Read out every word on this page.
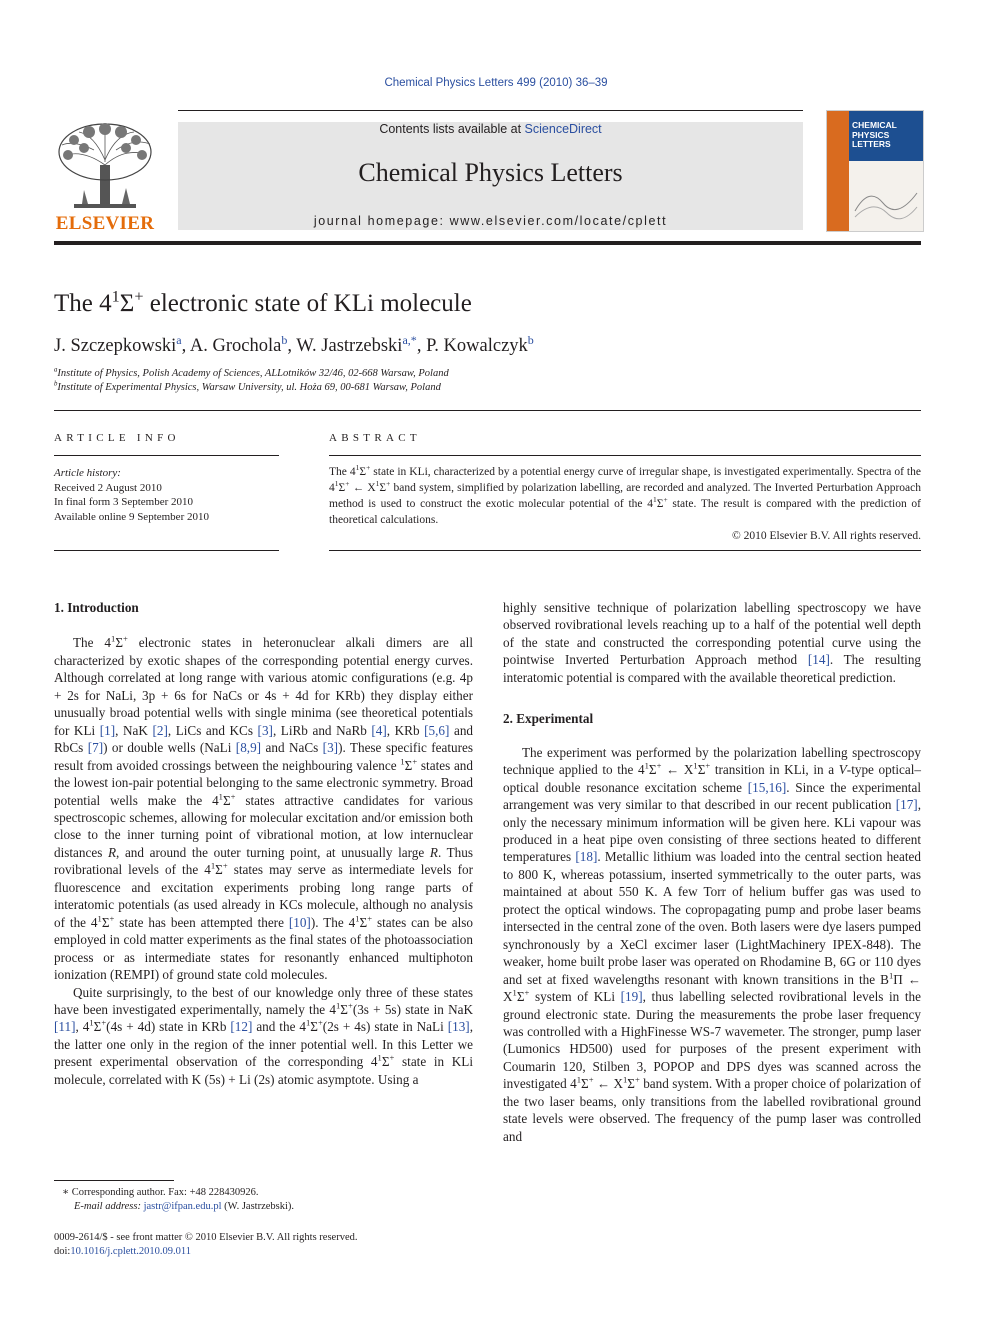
Chemical Physics Letters 499 (2010) 36–39
ELSEVIER
Contents lists available at ScienceDirect
Chemical Physics Letters
journal homepage: www.elsevier.com/locate/cplett
CHEMICAL
PHYSICS
LETTERS
The $4^1\Sigma^+$ electronic state of KLi molecule
J. Szczepkowski$^a$, A. Grochola$^b$, W. Jastrzebski$^{a,*}$, P. Kowalczyk$^b$
$^a$Institute of Physics, Polish Academy of Sciences, ALLotników 32/46, 02-668 Warsaw, Poland
$^b$Institute of Experimental Physics, Warsaw University, ul. Hoża 69, 00-681 Warsaw, Poland
ARTICLE INFO
Article history:
Received 2 August 2010
In final form 3 September 2010
Available online 9 September 2010
ABSTRACT
The $4^1\Sigma^+$ state in KLi, characterized by a potential energy curve of irregular shape, is investigated experimentally. Spectra of the $4^1\Sigma^+$ ← $X^1\Sigma^+$ band system, simplified by polarization labelling, are recorded and analyzed. The Inverted Perturbation Approach method is used to construct the exotic molecular potential of the $4^1\Sigma^+$ state. The result is compared with the prediction of theoretical calculations.
© 2010 Elsevier B.V. All rights reserved.
1. Introduction

The $4^1\Sigma^+$ electronic states in heteronuclear alkali dimers are all characterized by exotic shapes of the corresponding potential energy curves. Although correlated at long range with various atomic configurations (e.g. 4p + 2s for NaLi, 3p + 6s for NaCs or 4s + 4d for KRb) they display either unusually broad potential wells with single minima (see theoretical potentials for KLi [1], NaK [2], LiCs and KCs [3], LiRb and NaRb [4], KRb [5,6] and RbCs [7]) or double wells (NaLi [8,9] and NaCs [3]). These specific features result from avoided crossings between the neighbouring valence $^1$Σ+ states and the lowest ion-pair potential belonging to the same electronic symmetry. Broad potential wells make the $4^1\Sigma^+$ states attractive candidates for various spectroscopic schemes, allowing for molecular excitation and/or emission both close to the inner turning point of vibrational motion, at low internuclear distances R, and around the outer turning point, at unusually large R. Thus rovibrational levels of the $4^1\Sigma^+$ states may serve as intermediate levels for fluorescence and excitation experiments probing long range parts of interatomic potentials (as used already in KCs molecule, although no analysis of the $4^1\Sigma^+$ state has been attempted there [10]). The $4^1\Sigma^+$ states can be also employed in cold matter experiments as the final states of the photoassociation process or as intermediate states for resonantly enhanced multiphoton ionization (REMPI) of ground state cold molecules.

Quite surprisingly, to the best of our knowledge only three of these states have been investigated experimentally, namely the $4^1\Sigma^+(3s + 5s)$ state in NaK [11], $4^1\Sigma^+(4s + 4d)$ state in KRb [12] and the $4^1\Sigma^+(2s + 4s)$ state in NaLi [13], the latter one only in the region of the inner potential well. In this Letter we present experimental observation of the corresponding $4^1\Sigma^+$ state in KLi molecule, correlated with K (5s) + Li (2s) atomic asymptote. Using a

highly sensitive technique of polarization labelling spectroscopy we have observed rovibrational levels reaching up to a half of the potential well depth of the state and constructed the corresponding potential curve using the pointwise Inverted Perturbation Approach method [14]. The resulting interatomic potential is compared with the available theoretical prediction.

2. Experimental

The experiment was performed by the polarization labelling spectroscopy technique applied to the $4^1\Sigma^+$ ← $X^1\Sigma^+$ transition in KLi, in a V-type optical–optical double resonance excitation scheme [15,16]. Since the experimental arrangement was very similar to that described in our recent publication [17], only the necessary minimum information will be given here. KLi vapour was produced in a heat pipe oven consisting of three sections heated to different temperatures [18]. Metallic lithium was loaded into the central section heated to 800 K, whereas potassium, inserted symmetrically to the outer parts, was maintained at about 550 K. A few Torr of helium buffer gas was used to protect the optical windows. The copropagating pump and probe laser beams intersected in the central zone of the oven. Both lasers were dye lasers pumped synchronously by a XeCl excimer laser (LightMachinery IPEX-848). The weaker, home built probe laser was operated on Rhodamine B, 6G or 110 dyes and set at fixed wavelengths resonant with known transitions in the $B^1\Pi$ ← $X^1\Sigma^+$ system of KLi [19], thus labelling selected rovibrational levels in the ground electronic state. During the measurements the probe laser frequency was controlled with a HighFinesse WS-7 wavemeter. The stronger, pump laser (Lumonics HD500) used for purposes of the present experiment with Coumarin 120, Stilben 3, POPOP and DPS dyes was scanned across the investigated $4^1\Sigma^+$ ← $X^1\Sigma^+$ band system. With a proper choice of polarization of the two laser beams, only transitions from the labelled rovibrational ground state levels were observed. The frequency of the pump laser was controlled and

∗ Corresponding author. Fax: +48 228430926.
E-mail address: jastr@ifpan.edu.pl (W. Jastrzebski).
0009-2614/$ - see front matter © 2010 Elsevier B.V. All rights reserved.
doi:10.1016/j.cplett.2010.09.011
